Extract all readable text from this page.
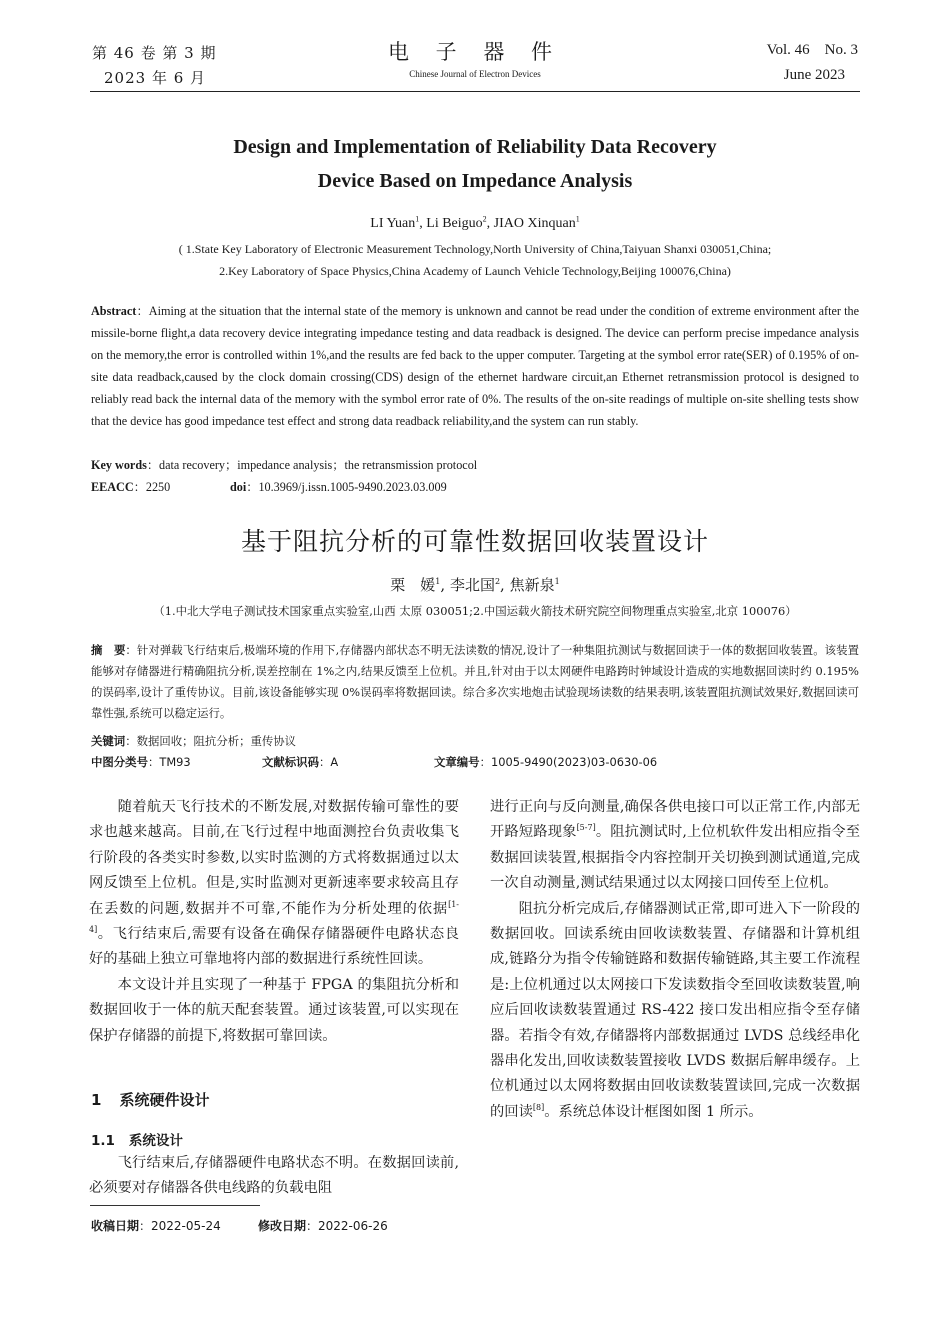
第 46 卷 第 3 期
2023 年 6 月
电 子 器 件
Chinese Journal of Electron Devices
Vol. 46    No. 3
June 2023
Design and Implementation of Reliability Data Recovery
Device Based on Impedance Analysis
LI Yuan$^1$, Li Beiguo$^2$, JIAO Xinquan$^1$
( 1.State Key Laboratory of Electronic Measurement Technology,North University of China,Taiyuan Shanxi 030051,China;
2.Key Laboratory of Space Physics,China Academy of Launch Vehicle Technology,Beijing 100076,China)
Abstract：Aiming at the situation that the internal state of the memory is unknown and cannot be read under the condition of extreme environment after the missile-borne flight,a data recovery device integrating impedance testing and data readback is designed. The device can perform precise impedance analysis on the memory,the error is controlled within 1%,and the results are fed back to the upper computer. Targeting at the symbol error rate(SER) of 0.195% of on-site data readback,caused by the clock domain crossing(CDS) design of the ethernet hardware circuit,an Ethernet retransmission protocol is designed to reliably read back the internal data of the memory with the symbol error rate of 0%. The results of the on-site readings of multiple on-site shelling tests show that the device has good impedance test effect and strong data readback reliability,and the system can run stably.
Key words：data recovery；impedance analysis；the retransmission protocol
EEACC：2250	doi：10.3969/j.issn.1005-9490.2023.03.009
基于阻抗分析的可靠性数据回收装置设计
栗　媛$^1$, 李北国$^2$, 焦新泉$^1$
（1.中北大学电子测试技术国家重点实验室,山西 太原 030051;2.中国运载火箭技术研究院空间物理重点实验室,北京 100076）
摘　要：针对弹载飞行结束后,极端环境的作用下,存储器内部状态不明无法读数的情况,设计了一种集阻抗测试与数据回读于一体的数据回收装置。该装置能够对存储器进行精确阻抗分析,误差控制在 1%之内,结果反馈至上位机。并且,针对由于以太网硬件电路跨时钟域设计造成的实地数据回读时约 0.195%的误码率,设计了重传协议。目前,该设备能够实现 0%误码率将数据回读。综合多次实地炮击试验现场读数的结果表明,该装置阻抗测试效果好,数据回读可靠性强,系统可以稳定运行。
关键词：数据回收；阻抗分析；重传协议
中图分类号：TM93	文献标识码：A	文章编号：1005-9490(2023)03-0630-06

随着航天飞行技术的不断发展,对数据传输可靠性的要求也越来越高。目前,在飞行过程中地面测控台负责收集飞行阶段的各类实时参数,以实时监测的方式将数据通过以太网反馈至上位机。但是,实时监测对更新速率要求较高且存在丢数的问题,数据并不可靠,不能作为分析处理的依据[1-4]。飞行结束后,需要有设备在确保存储器硬件电路状态良好的基础上独立可靠地将内部的数据进行系统性回读。

本文设计并且实现了一种基于 FPGA 的集阻抗分析和数据回收于一体的航天配套装置。通过该装置,可以实现在保护存储器的前提下,将数据可靠回读。

1 系统硬件设计
1.1 系统设计

飞行结束后,存储器硬件电路状态不明。在数据回读前,必须要对存储器各供电线路的负载电阻

进行正向与反向测量,确保各供电接口可以正常工作,内部无开路短路现象[5-7]。阻抗测试时,上位机软件发出相应指令至数据回读装置,根据指令内容控制开关切换到测试通道,完成一次自动测量,测试结果通过以太网接口回传至上位机。

阻抗分析完成后,存储器测试正常,即可进入下一阶段的数据回收。回读系统由回收读数装置、存储器和计算机组成,链路分为指令传输链路和数据传输链路,其主要工作流程是:上位机通过以太网接口下发读数指令至回收读数装置,响应后回收读数装置通过 RS-422 接口发出相应指令至存储器。若指令有效,存储器将内部数据通过 LVDS 总线经串化器串化发出,回收读数装置接收 LVDS 数据后解串缓存。上位机通过以太网将数据由回收读数装置读回,完成一次数据的回读[8]。系统总体设计框图如图 1 所示。

收稿日期：2022-05-24	修改日期：2022-06-26
